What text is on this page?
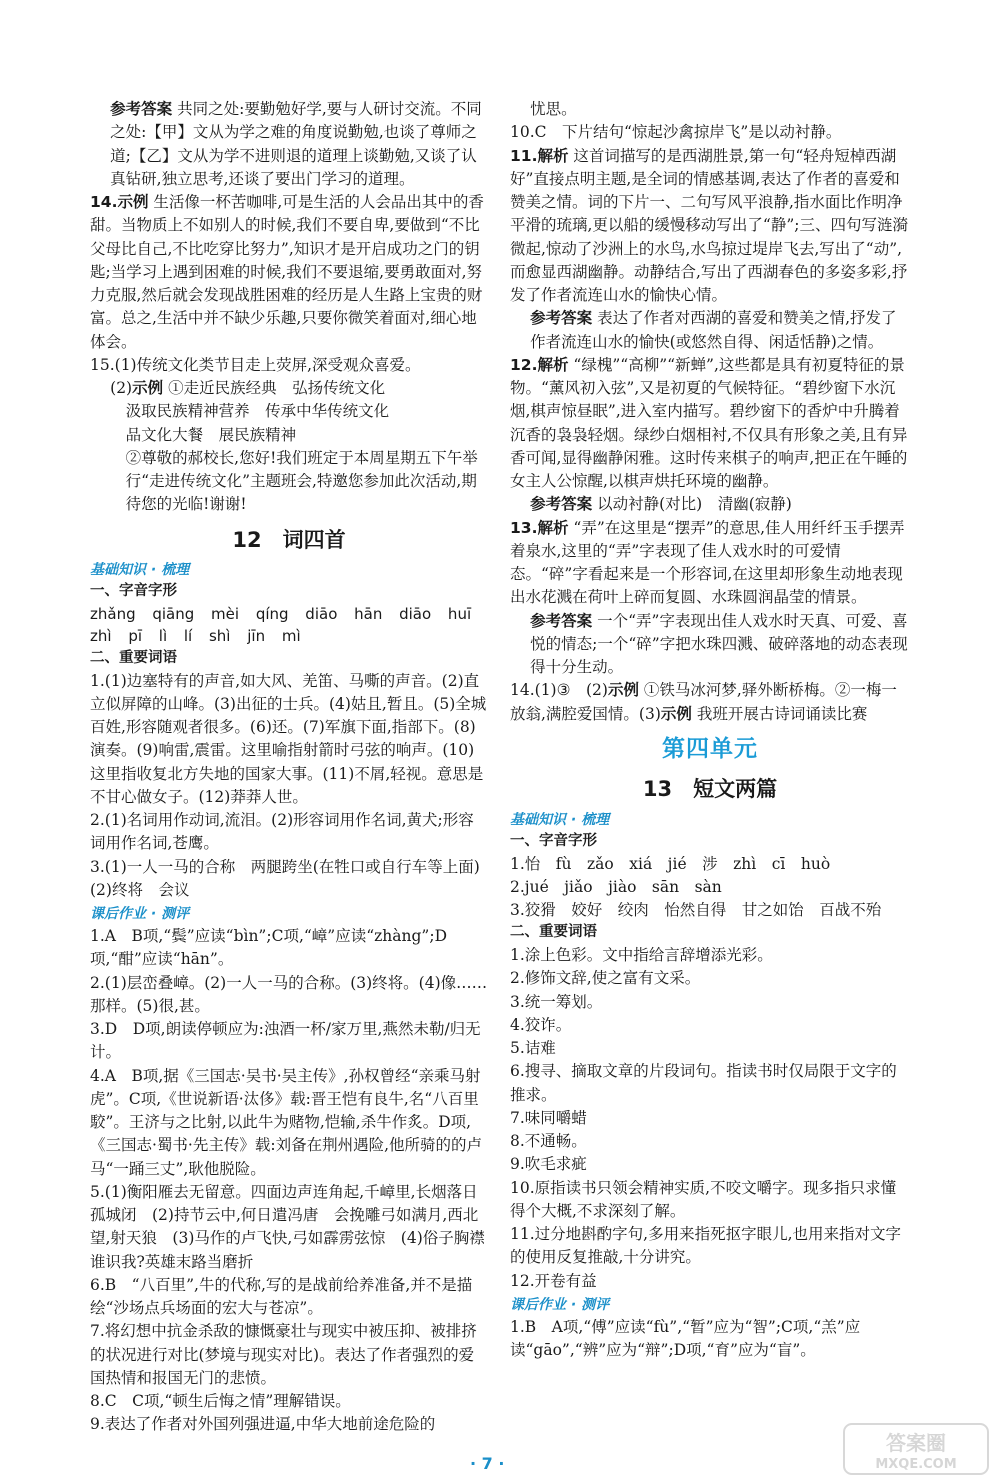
参考答案 共同之处:要勤勉好学,要与人研讨交流。不同之处:【甲】文从为学之难的角度说勤勉,也谈了尊师之道;【乙】文从为学不进则退的道理上谈勤勉,又谈了认真钻研,独立思考,还谈了要出门学习的道理。

14.示例 生活像一杯苦咖啡,可是生活的人会品出其中的香甜。当物质上不如别人的时候,我们不要自卑,要做到“不比父母比自己,不比吃穿比努力”,知识才是开启成功之门的钥匙;当学习上遇到困难的时候,我们不要退缩,要勇敢面对,努力克服,然后就会发现战胜困难的经历是人生路上宝贵的财富。总之,生活中并不缺少乐趣,只要你微笑着面对,细心地体会。

15.(1)传统文化类节目走上荧屏,深受观众喜爱。

(2)示例 ①走近民族经典　弘扬传统文化

汲取民族精神营养　传承中华传统文化

品文化大餐　展民族精神

②尊敬的郝校长,您好!我们班定于本周星期五下午举行“走进传统文化”主题班会,特邀您参加此次活动,期待您的光临!谢谢!

12　词四首
基础知识 · 梳理
一、字音字形
zhǎng qiāng mèi qíng diāo hān diāo huī
zhì pī lì lí shì jīn mì
二、重要词语

1.(1)边塞特有的声音,如大风、羌笛、马嘶的声音。(2)直立似屏障的山峰。(3)出征的士兵。(4)姑且,暂且。(5)全城百姓,形容随观者很多。(6)还。(7)军旗下面,指部下。(8)演奏。(9)响雷,震雷。这里喻指射箭时弓弦的响声。(10)这里指收复北方失地的国家大事。(11)不屑,轻视。意思是不甘心做女子。(12)莽莽人世。

2.(1)名词用作动词,流泪。(2)形容词用作名词,黄犬;形容词用作名词,苍鹰。

3.(1)一人一马的合称　两腿跨坐(在牲口或自行车等上面)　(2)终将　会议

课后作业 · 测评

1.A　B项,“鬓”应读“bìn”;C项,“嶂”应读“zhàng”;D项,“酣”应读“hān”。

2.(1)层峦叠嶂。(2)一人一马的合称。(3)终将。(4)像……那样。(5)很,甚。

3.D　D项,朗读停顿应为:浊酒一杯/家万里,燕然未勒/归无计。

4.A　B项,据《三国志·吴书·吴主传》,孙权曾经“亲乘马射虎”。C项,《世说新语·汰侈》载:晋王恺有良牛,名“八百里駮”。王济与之比射,以此牛为赌物,恺输,杀牛作炙。D项,《三国志·蜀书·先主传》载:刘备在荆州遇险,他所骑的的卢马“一踊三丈”,耿他脱险。

5.(1)衡阳雁去无留意。四面边声连角起,千嶂里,长烟落日孤城闭　(2)持节云中,何日遣冯唐　会挽雕弓如满月,西北望,射天狼　(3)马作的卢飞快,弓如霹雳弦惊　(4)俗子胸襟谁识我?英雄末路当磨折

6.B　“八百里”,牛的代称,写的是战前给养准备,并不是描绘“沙场点兵场面的宏大与苍凉”。

7.将幻想中抗金杀敌的慷慨豪壮与现实中被压抑、被排挤的状况进行对比(梦境与现实对比)。表达了作者强烈的爱国热情和报国无门的悲愤。

8.C　C项,“顿生后悔之情”理解错误。

9.表达了作者对外国列强进逼,中华大地前途危险的

忧思。

10.C　下片结句“惊起沙禽掠岸飞”是以动衬静。

11.解析 这首词描写的是西湖胜景,第一句“轻舟短棹西湖好”直接点明主题,是全词的情感基调,表达了作者的喜爱和赞美之情。词的下片一、二句写风平浪静,指水面比作明净平滑的琉璃,更以船的缓慢移动写出了“静”;三、四句写涟漪微起,惊动了沙洲上的水鸟,水鸟掠过堤岸飞去,写出了“动”,而愈显西湖幽静。动静结合,写出了西湖春色的多姿多彩,抒发了作者流连山水的愉快心情。

参考答案 表达了作者对西湖的喜爱和赞美之情,抒发了作者流连山水的愉快(或悠然自得、闲适恬静)之情。

12.解析 “绿槐”“高柳”“新蝉”,这些都是具有初夏特征的景物。“薰风初入弦”,又是初夏的气候特征。“碧纱窗下水沉烟,棋声惊昼眠”,进入室内描写。碧纱窗下的香炉中升腾着沉香的袅袅轻烟。绿纱白烟相衬,不仅具有形象之美,且有异香可闻,显得幽静闲雅。这时传来棋子的响声,把正在午睡的女主人公惊醒,以棋声烘托环境的幽静。

参考答案 以动衬静(对比)　清幽(寂静)

13.解析 “弄”在这里是“摆弄”的意思,佳人用纤纤玉手摆弄着泉水,这里的“弄”字表现了佳人戏水时的可爱情态。“碎”字看起来是一个形容词,在这里却形象生动地表现出水花溅在荷叶上碎而复圆、水珠圆润晶莹的情景。

参考答案 一个“弄”字表现出佳人戏水时天真、可爱、喜悦的情态;一个“碎”字把水珠四溅、破碎落地的动态表现得十分生动。

14.(1)③　(2)示例 ①铁马冰河梦,驿外断桥梅。②一梅一放翁,满腔爱国情。(3)示例 我班开展古诗词诵读比赛

第四单元
13　短文两篇
基础知识 · 梳理
一、字音字形

1.怡　fù　zǎo　xiá　jié　涉　zhì　cī　huò

2.jué　jiǎo　jiào　sān　sàn

3.狡猾　姣好　绞肉　怡然自得　甘之如饴　百战不殆

二、重要词语

1.涂上色彩。文中指给言辞增添光彩。

2.修饰文辞,使之富有文采。

3.统一筹划。

4.狡诈。

5.诘难

6.搜寻、摘取文章的片段词句。指读书时仅局限于文字的推求。

7.味同嚼蜡

8.不通畅。

9.吹毛求疵

10.原指读书只领会精神实质,不咬文嚼字。现多指只求懂得个大概,不求深刻了解。

11.过分地斟酌字句,多用来指死抠字眼儿,也用来指对文字的使用反复推敲,十分讲究。

12.开卷有益

课后作业 · 测评

1.B　A项,“傅”应读“fù”,“暂”应为“智”;C项,“羔”应读“gāo”,“辨”应为“辩”;D项,“育”应为“盲”。

· 7 ·
答案圈
MXQE.COM
